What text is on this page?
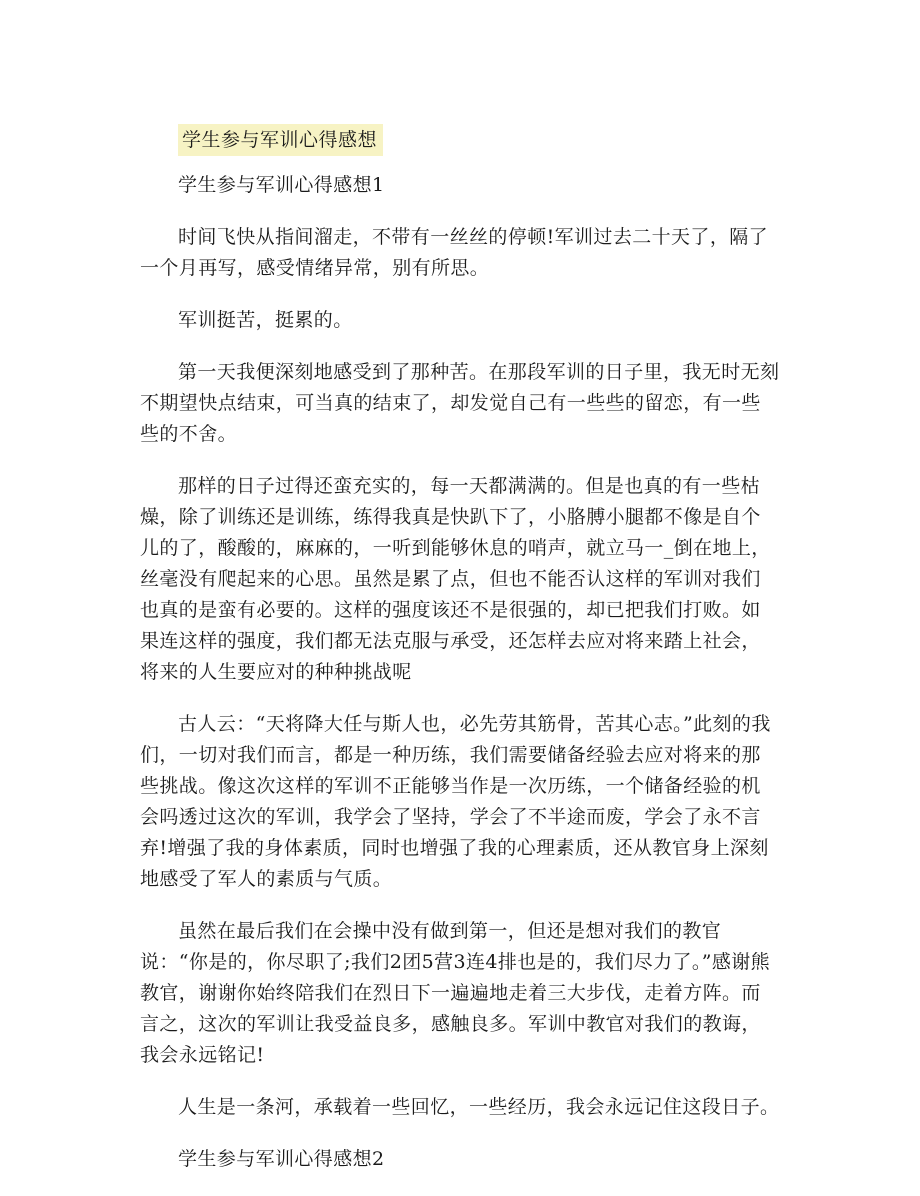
学生参与军训心得感想

学生参与军训心得感想1

时间飞快从指间溜走，不带有一丝丝的停顿!军训过去二十天了，隔了一个月再写，感受情绪异常，别有所思。

军训挺苦，挺累的。

第一天我便深刻地感受到了那种苦。在那段军训的日子里，我无时无刻不期望快点结束，可当真的结束了，却发觉自己有一些些的留恋，有一些些的不舍。

那样的日子过得还蛮充实的，每一天都满满的。但是也真的有一些枯燥，除了训练还是训练，练得我真是快趴下了，小胳膊小腿都不像是自个儿的了，酸酸的，麻麻的，一听到能够休息的哨声，就立马一_倒在地上，丝毫没有爬起来的心思。虽然是累了点，但也不能否认这样的军训对我们也真的是蛮有必要的。这样的强度该还不是很强的，却已把我们打败。如果连这样的强度，我们都无法克服与承受，还怎样去应对将来踏上社会，将来的人生要应对的种种挑战呢

古人云：“天将降大任与斯人也，必先劳其筋骨，苦其心志。”此刻的我们，一切对我们而言，都是一种历练，我们需要储备经验去应对将来的那些挑战。像这次这样的军训不正能够当作是一次历练，一个储备经验的机会吗透过这次的军训，我学会了坚持，学会了不半途而废，学会了永不言弃!增强了我的身体素质，同时也增强了我的心理素质，还从教官身上深刻地感受了军人的素质与气质。

虽然在最后我们在会操中没有做到第一，但还是想对我们的教官说：“你是的，你尽职了;我们2团5营3连4排也是的，我们尽力了。”感谢熊教官，谢谢你始终陪我们在烈日下一遍遍地走着三大步伐，走着方阵。而言之，这次的军训让我受益良多，感触良多。军训中教官对我们的教诲，我会永远铭记!

人生是一条河，承载着一些回忆，一些经历，我会永远记住这段日子。

学生参与军训心得感想2
